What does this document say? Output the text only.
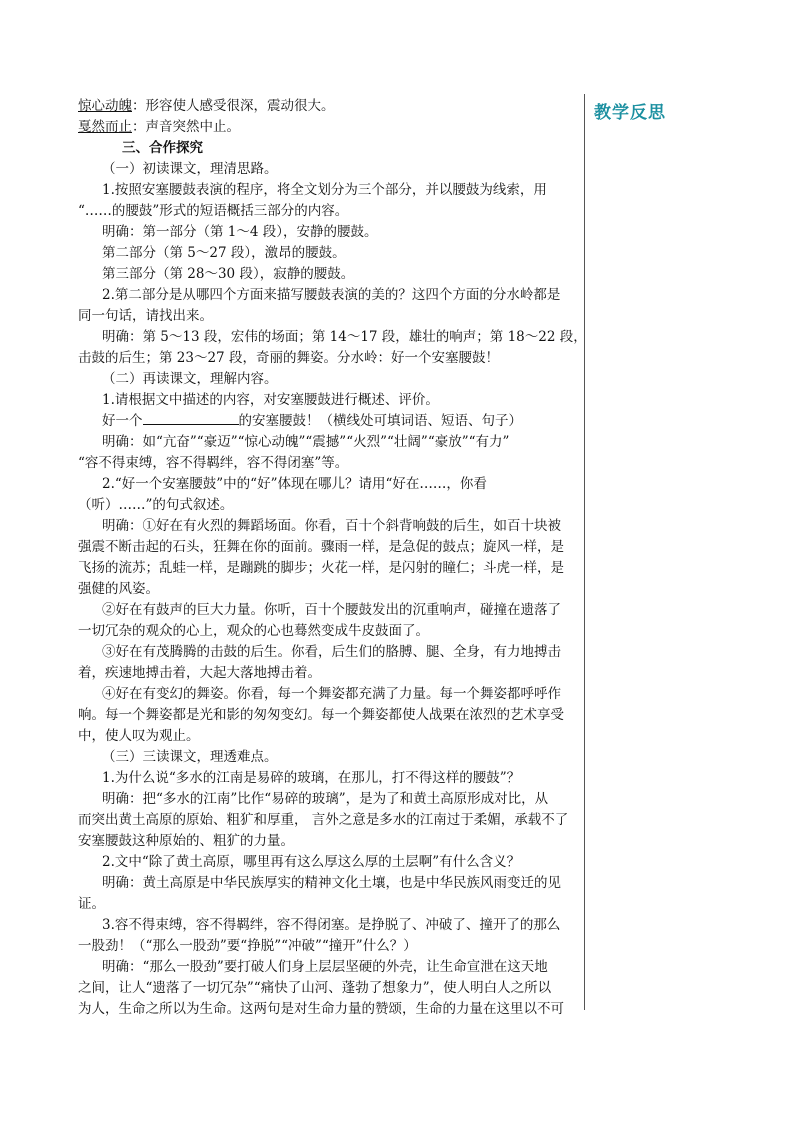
教学反思
惊心动魄：形容使人感受很深，震动很大。
戛然而止：声音突然中止。
三、合作探究
（一）初读课文，理清思路。
1.按照安塞腰鼓表演的程序，将全文划分为三个部分，并以腰鼓为线索，用
“……的腰鼓”形式的短语概括三部分的内容。
明确：第一部分（第 1～4 段），安静的腰鼓。
第二部分（第 5～27 段），激昂的腰鼓。
第三部分（第 28～30 段），寂静的腰鼓。
2.第二部分是从哪四个方面来描写腰鼓表演的美的？这四个方面的分水岭都是
同一句话，请找出来。
明确：第 5～13 段，宏伟的场面；第 14～17 段，雄壮的响声；第 18～22 段，
击鼓的后生；第 23～27 段，奇丽的舞姿。分水岭：好一个安塞腰鼓！
（二）再读课文，理解内容。
1.请根据文中描述的内容，对安塞腰鼓进行概述、评价。
好一个	的安塞腰鼓！（横线处可填词语、短语、句子）
明确：如“亢奋”“豪迈”“惊心动魄”“震撼”“火烈”“壮阔”“豪放”“有力”
“容不得束缚，容不得羁绊，容不得闭塞”等。
2.“好一个安塞腰鼓”中的“好”体现在哪儿？请用“好在……，你看
（听）……”的句式叙述。
明确：①好在有火烈的舞蹈场面。你看，百十个斜背响鼓的后生，如百十块被
强震不断击起的石头，狂舞在你的面前。骤雨一样，是急促的鼓点；旋风一样，是
飞扬的流苏；乱蛙一样，是蹦跳的脚步；火花一样，是闪射的瞳仁；斗虎一样，是
强健的风姿。
②好在有鼓声的巨大力量。你听，百十个腰鼓发出的沉重响声，碰撞在遗落了
一切冗杂的观众的心上，观众的心也蓦然变成牛皮鼓面了。
③好在有茂腾腾的击鼓的后生。你看，后生们的胳膊、腿、全身，有力地搏击
着，疾速地搏击着，大起大落地搏击着。
④好在有变幻的舞姿。你看，每一个舞姿都充满了力量。每一个舞姿都呼呼作
响。每一个舞姿都是光和影的匆匆变幻。每一个舞姿都使人战栗在浓烈的艺术享受
中，使人叹为观止。
（三）三读课文，理透难点。
1.为什么说“多水的江南是易碎的玻璃，在那儿，打不得这样的腰鼓”？
明确：把“多水的江南”比作“易碎的玻璃”，是为了和黄土高原形成对比，从
而突出黄土高原的原始、粗犷和厚重， 言外之意是多水的江南过于柔媚，承载不了
安塞腰鼓这种原始的、粗犷的力量。
2.文中“除了黄土高原，哪里再有这么厚这么厚的土层啊”有什么含义？
明确：黄土高原是中华民族厚实的精神文化土壤，也是中华民族风雨变迁的见
证。
3.容不得束缚，容不得羁绊，容不得闭塞。是挣脱了、冲破了、撞开了的那么
一股劲！（“那么一股劲”要“挣脱”“冲破”“撞开”什么？）
明确：“那么一股劲”要打破人们身上层层坚硬的外壳，让生命宣泄在这天地
之间，让人“遗落了一切冗杂”“痛快了山河、蓬勃了想象力”，使人明白人之所以
为人，生命之所以为生命。这两句是对生命力量的赞颂，生命的力量在这里以不可
